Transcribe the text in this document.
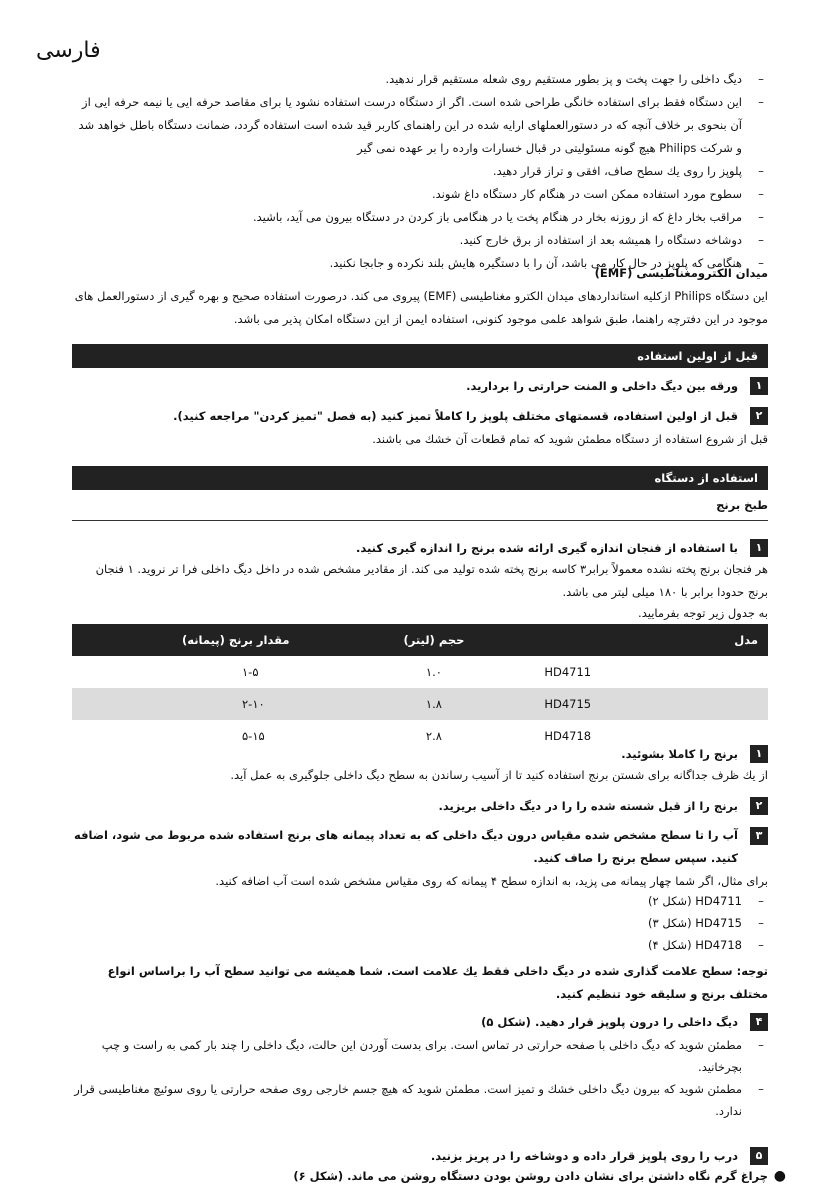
فارسی
–
دیگ داخلی را جهت پخت و پز بطور مستقیم روی شعله مستقیم قرار ندهید.
–
این دستگاه فقط برای استفاده خانگی طراحی شده است. اگر از دستگاه درست استفاده نشود یا برای مقاصد حرفه ایی یا نیمه حرفه ایی از آن بنحوی بر خلاف آنچه که در دستورالعملهای ارایه شده در این راهنمای کاربر قید شده است استفاده گردد، ضمانت دستگاه باطل خواهد شد و شرکت Philips هیچ گونه مسئولیتی در قبال خسارات وارده را بر عهده نمی گیر
–
پلوپز را روی یك سطح صاف، افقی و تراز قرار دهید.
–
سطوح مورد استفاده ممكن است در هنگام كار دستگاه داغ شوند.
–
مراقب بخار داغ كه از روزنه بخار در هنگام پخت یا در هنگامی باز كردن در دستگاه بیرون می آید، باشید.
–
دوشاخه دستگاه را همیشه بعد از استفاده از برق خارج كنید.
–
هنگامی كه پلوپز در حال كار می باشد، آن را با دستگیره هایش بلند نكرده و جابجا نكنید.
میدان الكترومغناطیسی (EMF)
این دستگاه Philips ازكلیه استانداردهای میدان الكترو مغناطیسی (EMF) پیروی می كند. درصورت استفاده صحیح و بهره گیری از دستورالعمل های موجود در این دفترچه راهنما، طبق شواهد علمی موجود كنونی، استفاده ایمن از این دستگاه امكان پذیر می باشد.
قبل از اولین استفاده
۱
ورقه بین دیگ داخلی و المنت حرارتی را بردارید.
۲
قبل از اولین استفاده، قسمتهای مختلف پلوپز را كاملاً تمیز كنید (به فصل "تمیز كردن" مراجعه كنید).
قبل از شروع استفاده از دستگاه مطمئن شوید كه تمام قطعات آن خشك می باشند.
استفاده از دستگاه
طبخ برنج
۱
با استفاده از فنجان اندازه گیری ارائه شده برنج را اندازه گیری كنید.
هر فنجان برنج پخته نشده معمولاً برابر۳ كاسه برنج پخته شده تولید می كند. از مقادیر مشخص شده در داخل دیگ داخلی فرا تر نروید. ۱ فنجان برنج حدودا برابر با ۱۸۰ میلی لیتر می باشد.
به جدول زیر توجه بفرمایید.
مدل	حجم (لیتر)	مقدار برنج (پیمانه)
HD4711	۱.۰	۱-۵
HD4715	۱.۸	۲-۱۰
HD4718	۲.۸	۵-۱۵
۱
برنج را كاملا بشوئید.
از یك ظرف جداگانه برای شستن برنج استفاده كنید تا از آسیب رساندن به سطح دیگ داخلی جلوگیری به عمل آید.
۲
برنج را از قبل شسته شده را را در دیگ داخلی بریزید.
۳
آب را تا سطح مشخص شده مقیاس درون دیگ داخلی كه به تعداد پیمانه های برنج استفاده شده مربوط می شود، اضافه كنید. سپس سطح برنج را صاف كنید.
برای مثال، اگر شما چهار پیمانه می پزید، به اندازه سطح ۴ پیمانه كه روی مقیاس مشخص شده است آب اضافه كنید.
–
HD4711 (شكل ۲)
–
HD4715 (شكل ۳)
–
HD4718 (شكل ۴)
توجه: سطح علامت گذاری شده در دیگ داخلی فقط یك علامت است. شما همیشه می توانید سطح آب را براساس انواع مختلف برنج و سلیقه خود تنظیم كنید.
۴
دیگ داخلی را درون پلوپز قرار دهید. (شكل ۵)
–
مطمئن شوید كه دیگ داخلی با صفحه حرارتی در تماس است. برای بدست آوردن این حالت، دیگ داخلی را چند بار كمی به راست و چپ بچرخانید.
–
مطمئن شوید كه بیرون دیگ داخلی خشك و تمیز است. مطمئن شوید كه هیچ جسم خارجی روی صفحه حرارتی یا روی سوئیچ مغناطیسی قرار ندارد.
۵
درب را روی پلوپز قرار داده و دوشاخه را در پریز بزنید.
چراغ گرم نگاه داشتن برای نشان دادن روشن بودن دستگاه روشن می ماند. (شكل ۶) ●
